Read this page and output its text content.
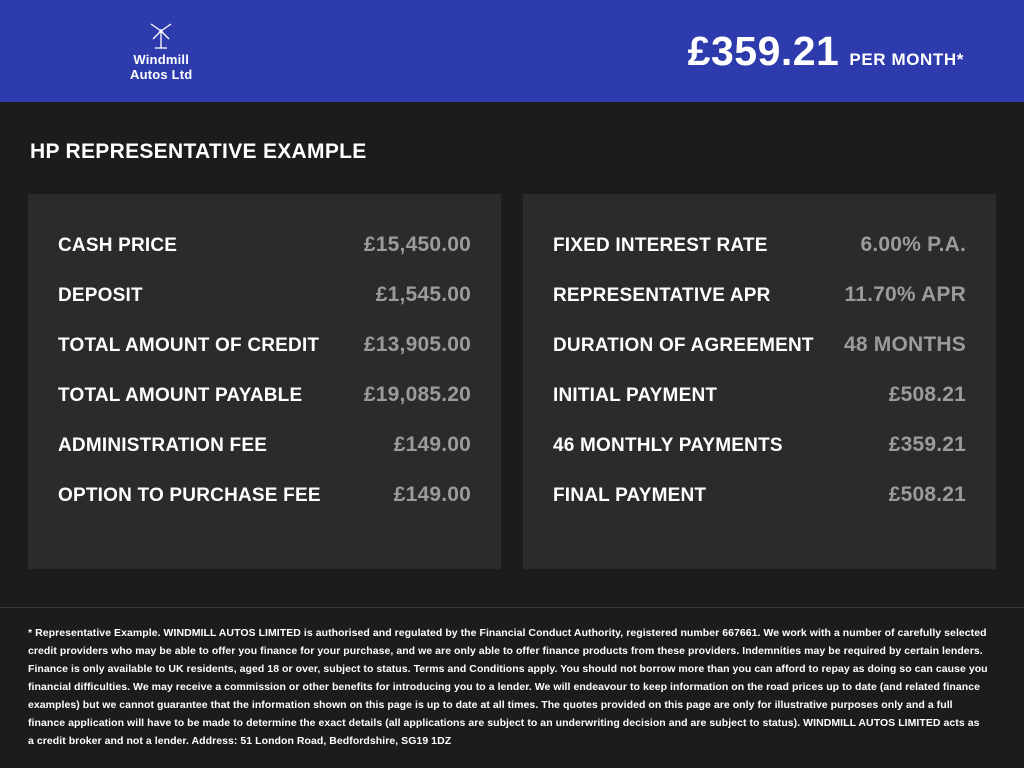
Windmill
Autos Ltd
£359.21 PER MONTH*
HP REPRESENTATIVE EXAMPLE
CASH PRICE	£15,450.00
DEPOSIT	£1,545.00
TOTAL AMOUNT OF CREDIT £13,905.00
TOTAL AMOUNT PAYABLE	£19,085.20
ADMINISTRATION FEE	£149.00
OPTION TO PURCHASE FEE	£149.00
FIXED INTEREST RATE	6.00% P.A.
REPRESENTATIVE APR	11.70% APR
DURATION OF AGREEMENT 48 MONTHS
INITIAL PAYMENT	£508.21
46 MONTHLY PAYMENTS	£359.21
FINAL PAYMENT	£508.21

* Representative Example. WINDMILL AUTOS LIMITED is authorised and regulated by the Financial Conduct Authority, registered number 667661. We work with a number of carefully selected credit providers who may be able to offer you finance for your purchase, and we are only able to offer finance products from these providers. Indemnities may be required by certain lenders. Finance is only available to UK residents, aged 18 or over, subject to status. Terms and Conditions apply. You should not borrow more than you can afford to repay as doing so can cause you financial difficulties. We may receive a commission or other benefits for introducing you to a lender. We will endeavour to keep information on the road prices up to date (and related finance examples) but we cannot guarantee that the information shown on this page is up to date at all times. The quotes provided on this page are only for illustrative purposes only and a full finance application will have to be made to determine the exact details (all applications are subject to an underwriting decision and are subject to status). WINDMILL AUTOS LIMITED acts as a credit broker and not a lender. Address: 51 London Road, Bedfordshire, SG19 1DZ
